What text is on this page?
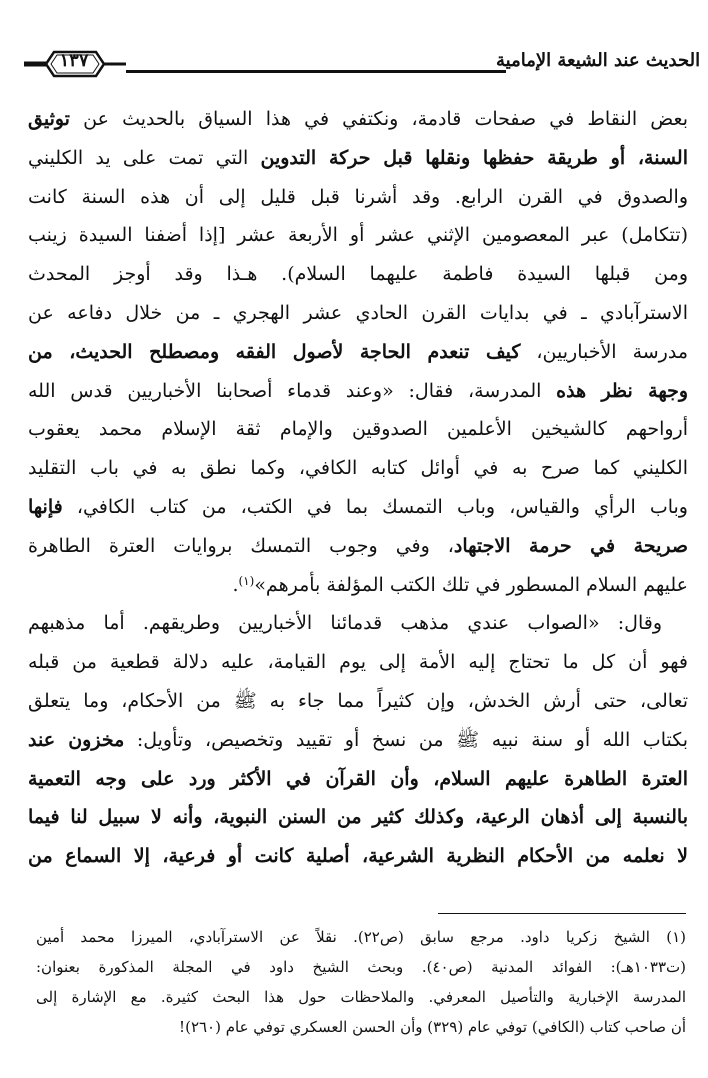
١٣٧	الحديث عند الشيعة الإمامية
بعض النقاط في صفحات قادمة، ونكتفي في هذا السياق بالحديث عن توثيق
السنة، أو طريقة حفظها ونقلها قبل حركة التدوين التي تمت على يد الكليني
والصدوق في القرن الرابع. وقد أشرنا قبل قليل إلى أن هذه السنة كانت
(تتكامل) عبر المعصومين الإثني عشر أو الأربعة عشر [إذا أضفنا السيدة زينب
ومن قبلها السيدة فاطمة عليهما السلام). هـذا وقد أوجز المحدث
الاسترآبادي ـ في بدايات القرن الحادي عشر الهجري ـ من خلال دفاعه عن
مدرسة الأخباريين، كيف تنعدم الحاجة لأصول الفقه ومصطلح الحديث، من
وجهة نظر هذه المدرسة، فقال: «وعند قدماء أصحابنا الأخباريين قدس الله
أرواحهم كالشيخين الأعلمين الصدوقين والإمام ثقة الإسلام محمد يعقوب
الكليني كما صرح به في أوائل كتابه الكافي، وكما نطق به في باب التقليد
وباب الرأي والقياس، وباب التمسك بما في الكتب، من كتاب الكافي، فإنها
صريحة في حرمة الاجتهاد، وفي وجوب التمسك بروايات العترة الطاهرة
عليهم السلام المسطور في تلك الكتب المؤلفة بأمرهم»$^{(١)}$.
وقال: «الصواب عندي مذهب قدمائنا الأخباريين وطريقهم. أما مذهبهم
فهو أن كل ما تحتاج إليه الأمة إلى يوم القيامة، عليه دلالة قطعية من قبله
تعالى، حتى أرش الخدش، وإن كثيراً مما جاء به ﷺ من الأحكام، وما يتعلق
بكتاب الله أو سنة نبيه ﷺ من نسخ أو تقييد وتخصيص، وتأويل: مخزون عند
العترة الطاهرة عليهم السلام، وأن القرآن في الأكثر ورد على وجه التعمية
بالنسبة إلى أذهان الرعية، وكذلك كثير من السنن النبوية، وأنه لا سبيل لنا فيما
لا نعلمه من الأحكام النظرية الشرعية، أصلية كانت أو فرعية، إلا السماع من
(١) الشيخ زكريا داود. مرجع سابق (ص٢٢). نقلاً عن الاسترآبادي، الميرزا محمد أمين
(ت١٠٣٣هـ): الفوائد المدنية (ص٤٠). وبحث الشيخ داود في المجلة المذكورة بعنوان:
المدرسة الإخبارية والتأصيل المعرفي. والملاحظات حول هذا البحث كثيرة. مع الإشارة إلى
أن صاحب كتاب (الكافي) توفي عام (٣٢٩) وأن الحسن العسكري توفي عام (٢٦٠)!
